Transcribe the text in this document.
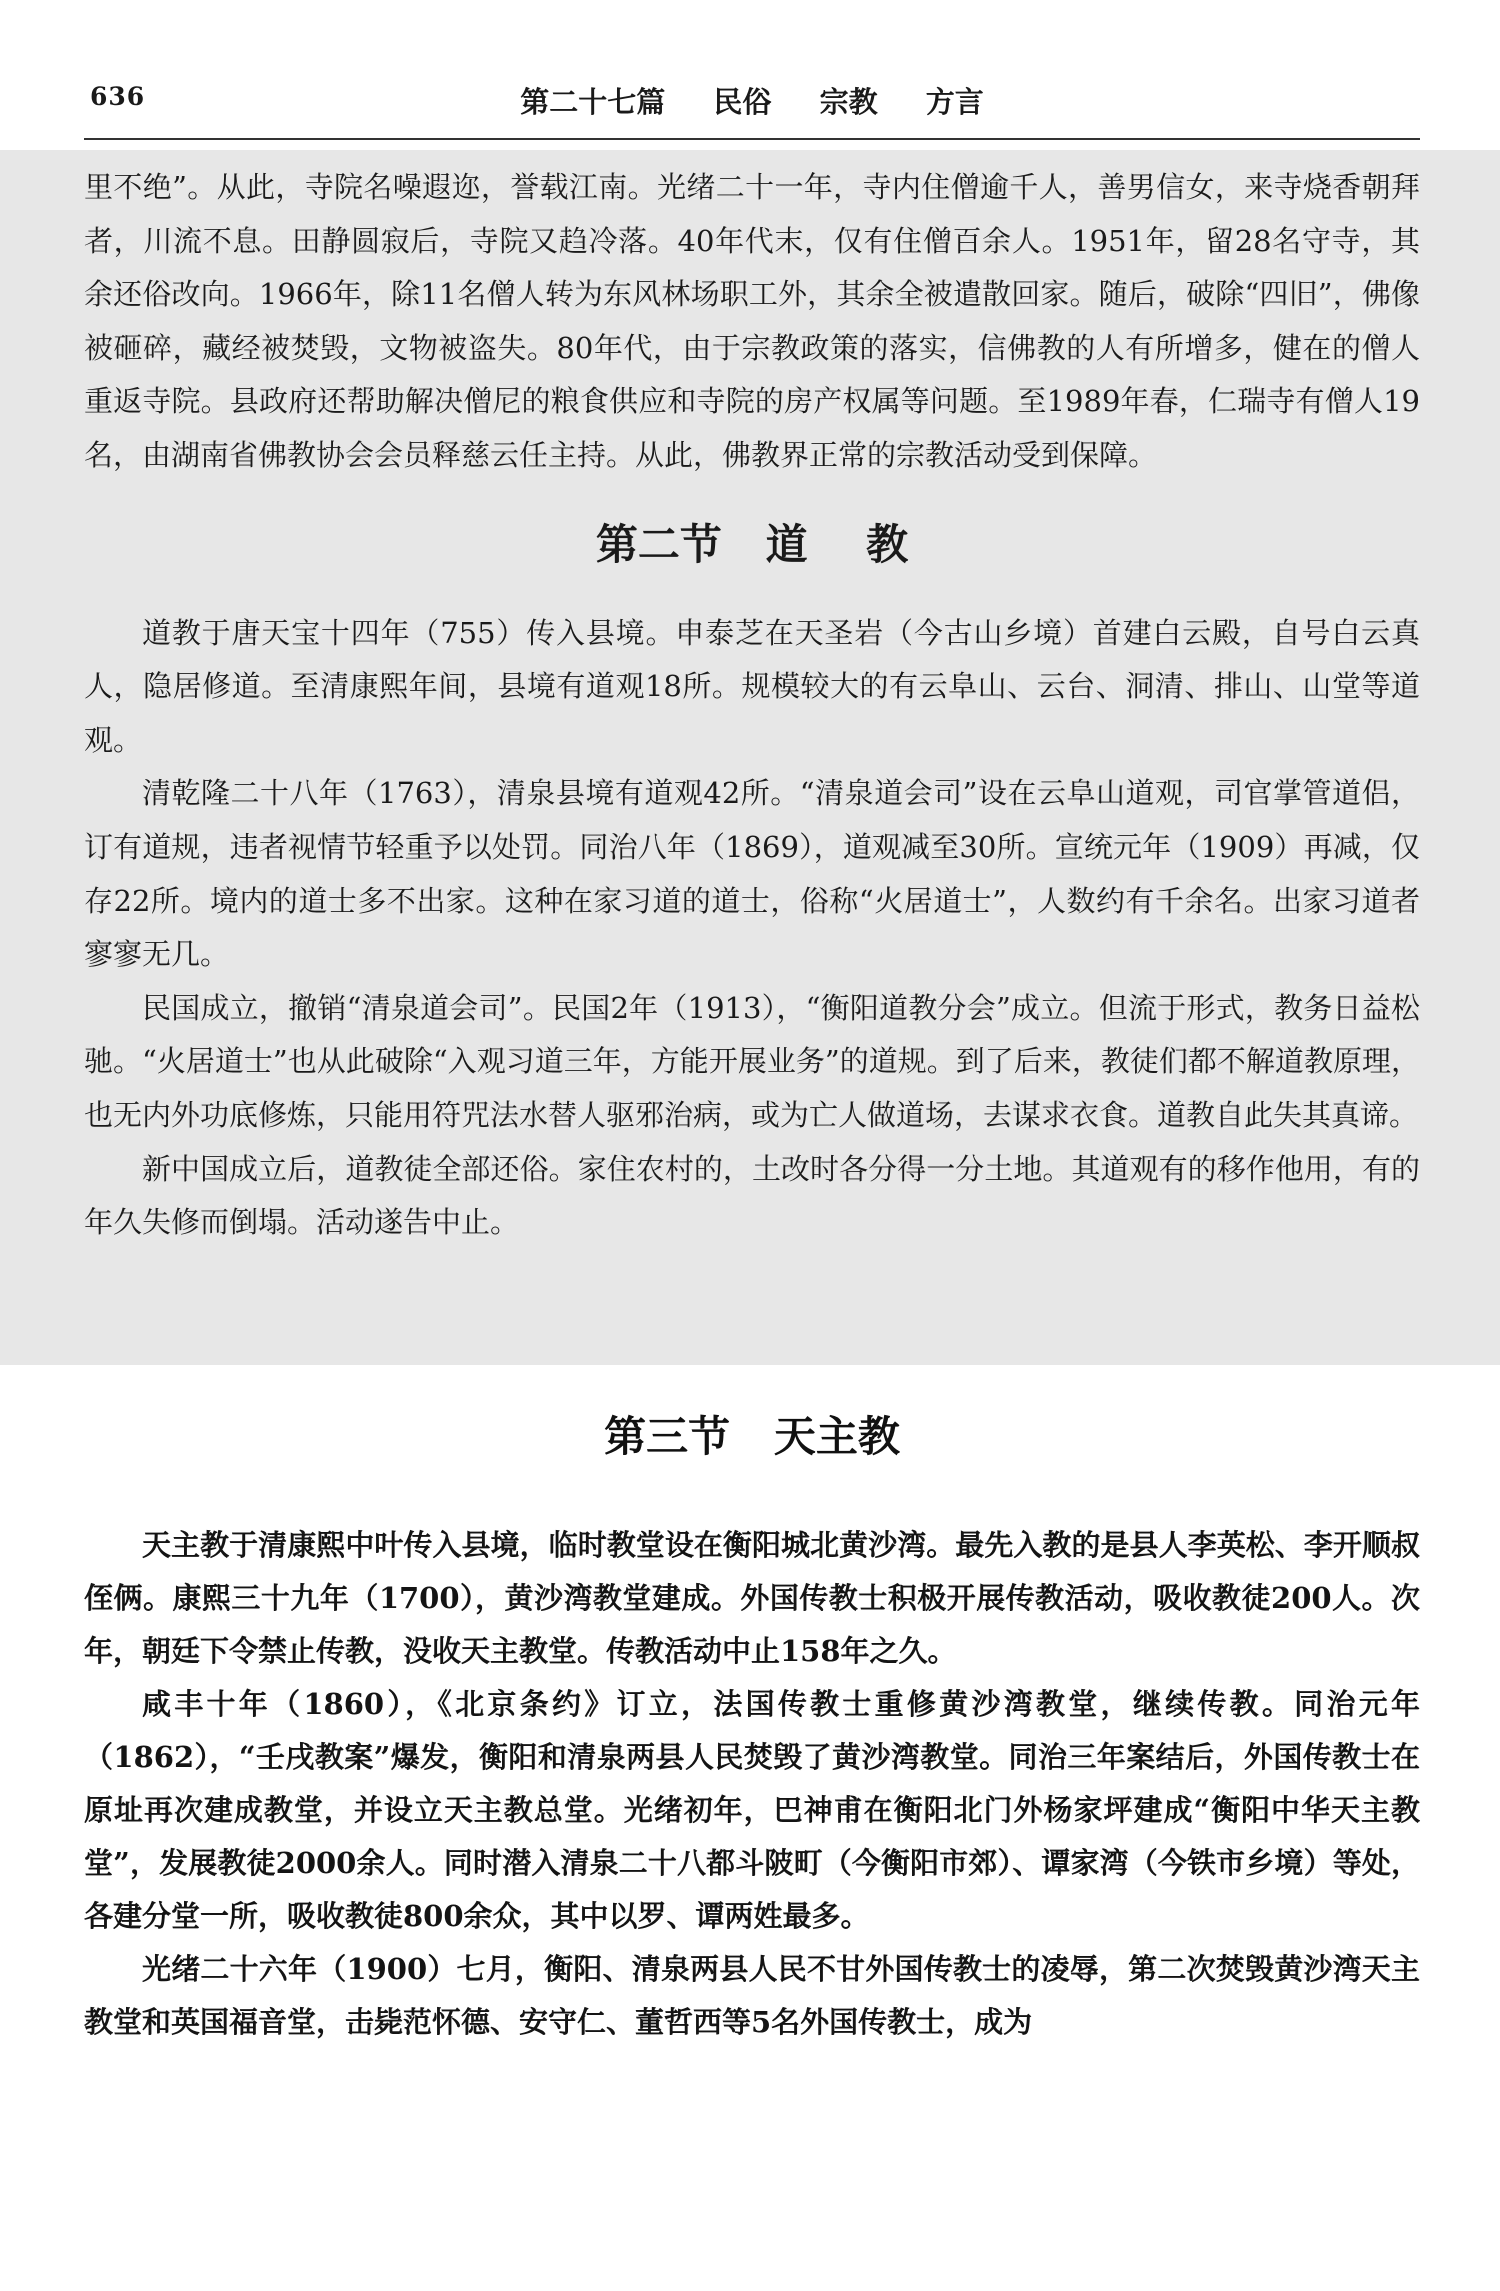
636	第二十七篇  民俗  宗教  方言

里不绝”。从此，寺院名噪遐迩，誉载江南。光绪二十一年，寺内住僧逾千人，善男信女，来寺烧香朝拜者，川流不息。田静圆寂后，寺院又趋冷落。40年代末，仅有住僧百余人。1951年，留28名守寺，其余还俗改向。1966年，除11名僧人转为东风林场职工外，其余全被遣散回家。随后，破除“四旧”，佛像被砸碎，藏经被焚毁，文物被盗失。80年代，由于宗教政策的落实，信佛教的人有所增多，健在的僧人重返寺院。县政府还帮助解决僧尼的粮食供应和寺院的房产权属等问题。至1989年春，仁瑞寺有僧人19名，由湖南省佛教协会会员释慈云任主持。从此，佛教界正常的宗教活动受到保障。

第二节   道    教

道教于唐天宝十四年（755）传入县境。申泰芝在天圣岩（今古山乡境）首建白云殿，自号白云真人，隐居修道。至清康熙年间，县境有道观18所。规模较大的有云阜山、云台、洞清、排山、山堂等道观。

清乾隆二十八年（1763），清泉县境有道观42所。“清泉道会司”设在云阜山道观，司官掌管道侣，订有道规，违者视情节轻重予以处罚。同治八年（1869），道观减至30所。宣统元年（1909）再减，仅存22所。境内的道士多不出家。这种在家习道的道士，俗称“火居道士”，人数约有千余名。出家习道者寥寥无几。

民国成立，撤销“清泉道会司”。民国2年（1913），“衡阳道教分会”成立。但流于形式，教务日益松驰。“火居道士”也从此破除“入观习道三年，方能开展业务”的道规。到了后来，教徒们都不解道教原理，也无内外功底修炼，只能用符咒法水替人驱邪治病，或为亡人做道场，去谋求衣食。道教自此失其真谛。

新中国成立后，道教徒全部还俗。家住农村的，土改时各分得一分土地。其道观有的移作他用，有的年久失修而倒塌。活动遂告中止。

第三节   天主教

天主教于清康熙中叶传入县境，临时教堂设在衡阳城北黄沙湾。最先入教的是县人李英松、李开顺叔侄俩。康熙三十九年（1700），黄沙湾教堂建成。外国传教士积极开展传教活动，吸收教徒200人。次年，朝廷下令禁止传教，没收天主教堂。传教活动中止158年之久。

咸丰十年（1860），《北京条约》订立，法国传教士重修黄沙湾教堂，继续传教。同治元年（1862），“壬戌教案”爆发，衡阳和清泉两县人民焚毁了黄沙湾教堂。同治三年案结后，外国传教士在原址再次建成教堂，并设立天主教总堂。光绪初年，巴神甫在衡阳北门外杨家坪建成“衡阳中华天主教堂”，发展教徒2000余人。同时潜入清泉二十八都斗陂町（今衡阳市郊）、谭家湾（今铁市乡境）等处，各建分堂一所，吸收教徒800余众，其中以罗、谭两姓最多。

光绪二十六年（1900）七月，衡阳、清泉两县人民不甘外国传教士的凌辱，第二次焚毁黄沙湾天主教堂和英国福音堂，击毙范怀德、安守仁、董哲西等5名外国传教士，成为
